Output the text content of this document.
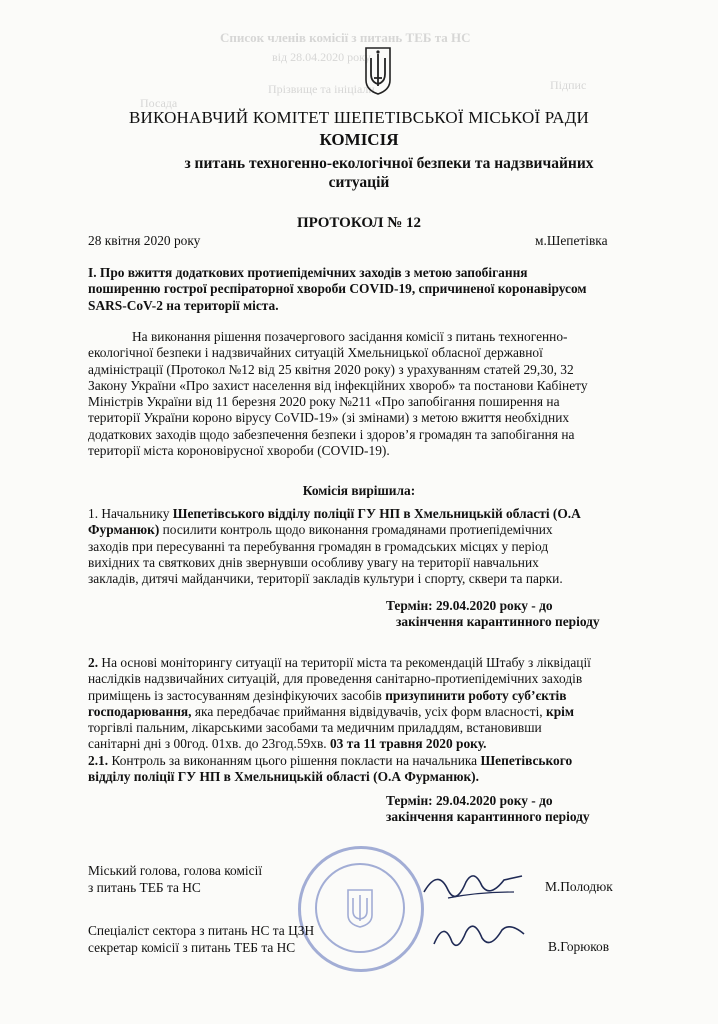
Список членів комісії з питань ТЕБ та НС
від 28.04.2020 року
Прізвище та ініціали	Підпис
Посада
ВИКОНАВЧИЙ КОМІТЕТ ШЕПЕТІВСЬКОЇ МІСЬКОЇ РАДИ
КОМІСІЯ
з питань техногенно-екологічної безпеки та надзвичайних
ситуацій
ПРОТОКОЛ № 12
28 квітня 2020 року	м.Шепетівка
І. Про вжиття додаткових протиепідемічних заходів з метою запобігання
поширенню гострої респіраторної хвороби COVID-19, спричиненої коронавірусом
SARS-CoV-2 на території міста.
На виконання рішення позачергового засідання комісії з питань техногенно-
екологічної безпеки і надзвичайних ситуацій Хмельницької обласної державної
адміністрації (Протокол №12 від 25 квітня 2020 року) з урахуванням статей 29,30, 32
Закону України «Про захист населення від інфекційних хвороб» та постанови Кабінету
Міністрів України від 11 березня 2020 року №211 «Про запобігання поширення на
території України короно вірусу CoVID-19» (зі змінами) з метою вжиття необхідних
додаткових заходів щодо забезпечення безпеки і здоров’я громадян та запобігання на
території міста короновірусної хвороби (COVID-19).
Комісія вирішила:
1. Начальнику Шепетівського відділу поліції ГУ НП в Хмельницькій області (О.А
Фурманюк) посилити контроль щодо виконання громадянами протиепідемічних
заходів при пересуванні та перебування громадян в громадських місцях у період
вихідних та святкових днів звернувши особливу увагу на території навчальних
закладів, дитячі майданчики, території закладів культури і спорту, сквери та парки.
Термін: 29.04.2020 року - до
закінчення карантинного періоду
2. На основі моніторингу ситуації на території міста та рекомендацій Штабу з ліквідації
наслідків надзвичайних ситуацій, для проведення санітарно-протиепідемічних заходів
приміщень із застосуванням дезінфікуючих засобів призупинити роботу суб’єктів
господарювання, яка передбачає приймання відвідувачів, усіх форм власності, крім
торгівлі пальним, лікарськими засобами та медичним приладдям, встановивши
санітарні дні з 00год. 01хв. до 23год.59хв. 03 та 11 травня 2020 року.
2.1. Контроль за виконанням цього рішення покласти на начальника Шепетівського
відділу поліції ГУ НП в Хмельницькій області (О.А Фурманюк).
Термін: 29.04.2020 року - до
закінчення карантинного періоду
Міський голова, голова комісії
з питань ТЕБ та НС	М.Полодюк
Спеціаліст сектора з питань НС та ЦЗН
секретар комісії з питань ТЕБ та НС	В.Горюков
